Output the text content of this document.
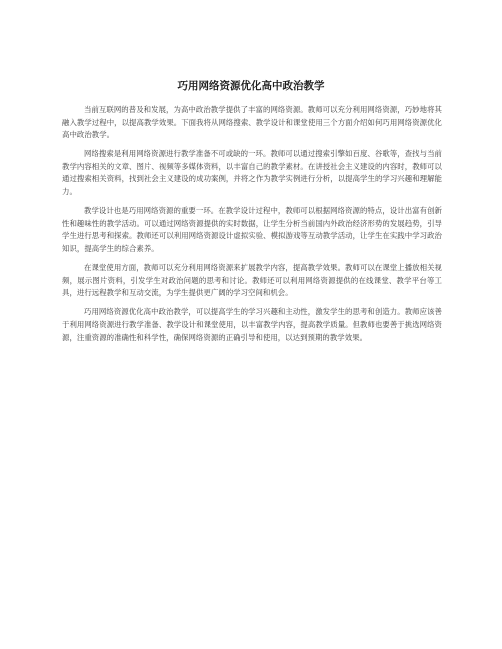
巧用网络资源优化高中政治教学

当前互联网的普及和发展，为高中政治教学提供了丰富的网络资源。教师可以充分利用网络资源，巧妙地将其融入教学过程中，以提高教学效果。下面我将从网络搜索、教学设计和课堂使用三个方面介绍如何巧用网络资源优化高中政治教学。

网络搜索是利用网络资源进行教学准备不可或缺的一环。教师可以通过搜索引擎如百度、谷歌等，查找与当前教学内容相关的文章、图片、视频等多媒体资料，以丰富自己的教学素材。在讲授社会主义建设的内容时，教师可以通过搜索相关资料，找到社会主义建设的成功案例，并将之作为教学实例进行分析，以提高学生的学习兴趣和理解能力。

教学设计也是巧用网络资源的重要一环。在教学设计过程中，教师可以根据网络资源的特点，设计出富有创新性和趣味性的教学活动。可以通过网络资源提供的实时数据，让学生分析当前国内外政治经济形势的发展趋势，引导学生进行思考和探索。教师还可以利用网络资源设计虚拟实验、模拟游戏等互动教学活动，让学生在实践中学习政治知识，提高学生的综合素养。

在课堂使用方面，教师可以充分利用网络资源来扩展教学内容，提高教学效果。教师可以在课堂上播放相关视频，展示图片资料，引发学生对政治问题的思考和讨论。教师还可以利用网络资源提供的在线课堂、教学平台等工具，进行远程教学和互动交流，为学生提供更广阔的学习空间和机会。

巧用网络资源优化高中政治教学，可以提高学生的学习兴趣和主动性，激发学生的思考和创造力。教师应该善于利用网络资源进行教学准备、教学设计和课堂使用，以丰富教学内容，提高教学质量。但教师也要善于挑选网络资源，注重资源的准确性和科学性，确保网络资源的正确引导和使用，以达到预期的教学效果。
